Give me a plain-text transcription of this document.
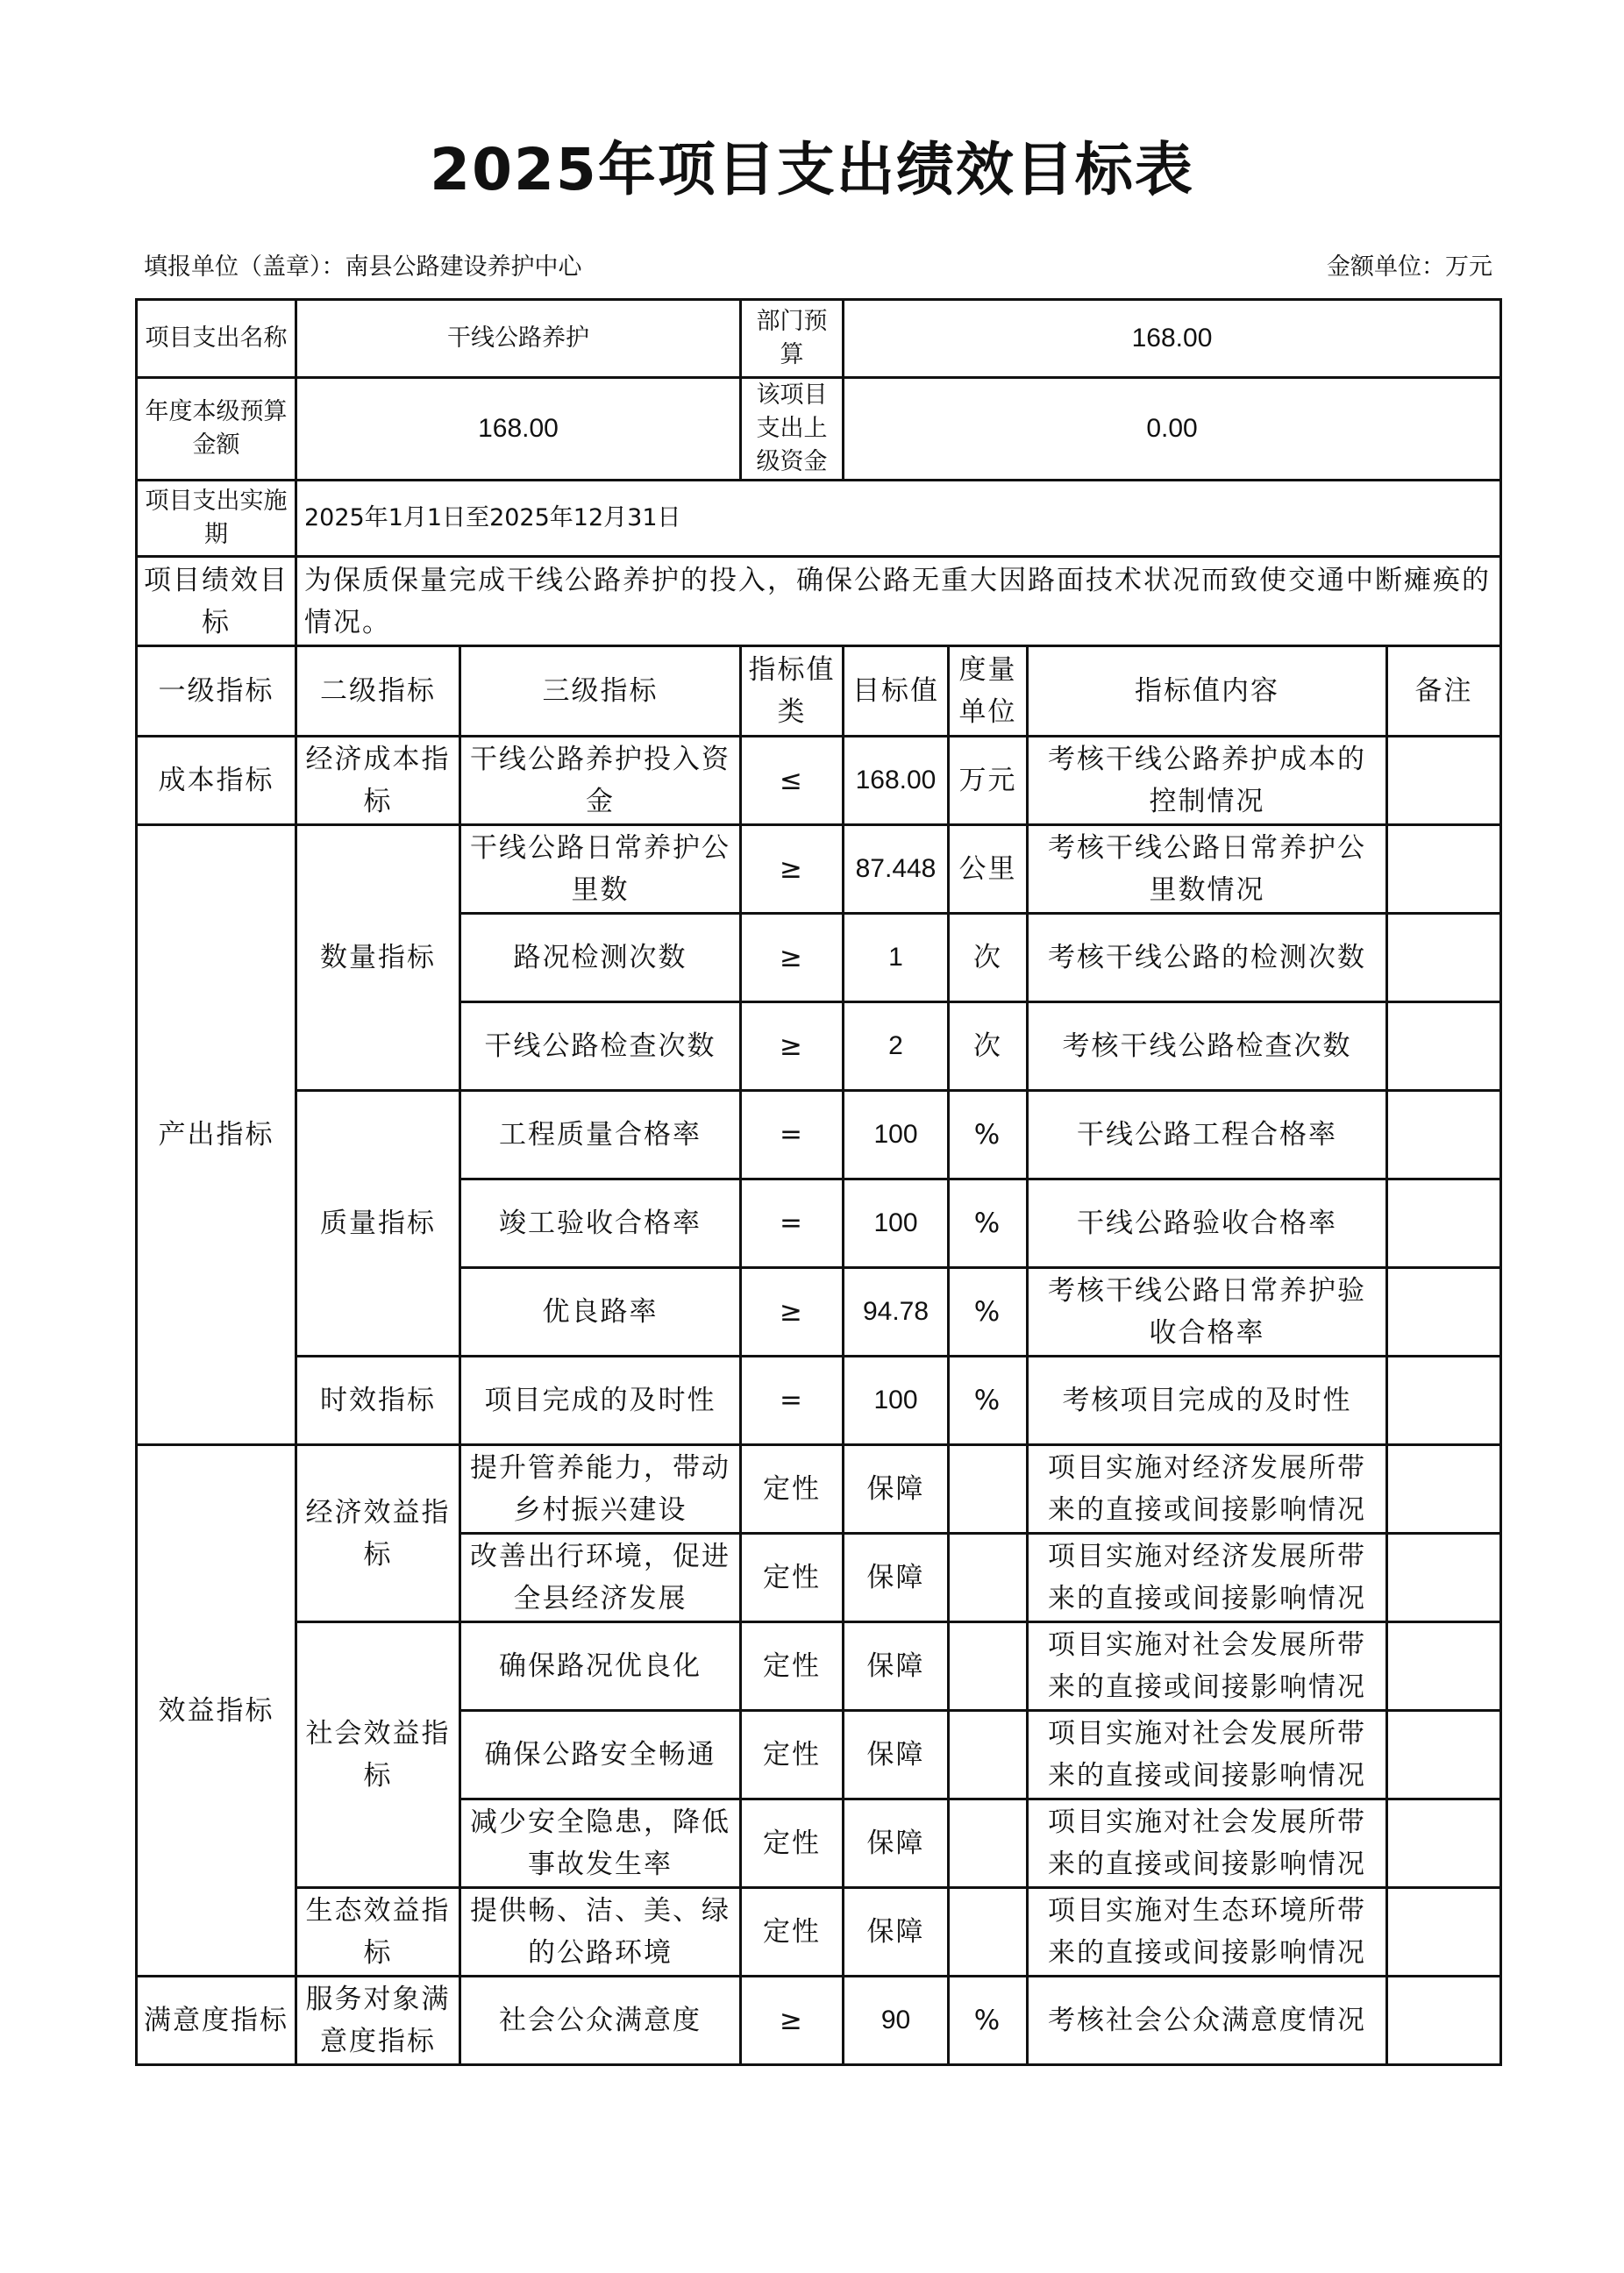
2025年项目支出绩效目标表
填报单位（盖章）：南县公路建设养护中心	金额单位：万元
项目支出名称	干线公路养护		部门预算	168.00			
年度本级预算金额	168.00		该项目支出上级资金	0.00			
项目支出实施期	2025年1月1日至2025年12月31日						
项目绩效目标	为保质保量完成干线公路养护的投入，确保公路无重大因路面技术状况而致使交通中断瘫痪的情况。						
一级指标	二级指标	三级指标	指标值类	目标值	度量单位	指标值内容	备注
成本指标	经济成本指标	干线公路养护投入资金	≤	168.00	万元	考核干线公路养护成本的控制情况	
产出指标	数量指标	干线公路日常养护公里数	≥	87.448	公里	考核干线公路日常养护公里数情况	
		路况检测次数	≥	1	次	考核干线公路的检测次数	
		干线公路检查次数	≥	2	次	考核干线公路检查次数	
	质量指标	工程质量合格率	=	100	%	干线公路工程合格率	
		竣工验收合格率	=	100	%	干线公路验收合格率	
		优良路率	≥	94.78	%	考核干线公路日常养护验收合格率	
	时效指标	项目完成的及时性	=	100	%	考核项目完成的及时性	
效益指标	经济效益指标	提升管养能力，带动乡村振兴建设	定性	保障		项目实施对经济发展所带来的直接或间接影响情况	
		改善出行环境，促进全县经济发展	定性	保障		项目实施对经济发展所带来的直接或间接影响情况	
	社会效益指标	确保路况优良化	定性	保障		项目实施对社会发展所带来的直接或间接影响情况	
		确保公路安全畅通	定性	保障		项目实施对社会发展所带来的直接或间接影响情况	
		减少安全隐患，降低事故发生率	定性	保障		项目实施对社会发展所带来的直接或间接影响情况	
	生态效益指标	提供畅、洁、美、绿的公路环境	定性	保障		项目实施对生态环境所带来的直接或间接影响情况	
满意度指标	服务对象满意度指标	社会公众满意度	≥	90	%	考核社会公众满意度情况	
